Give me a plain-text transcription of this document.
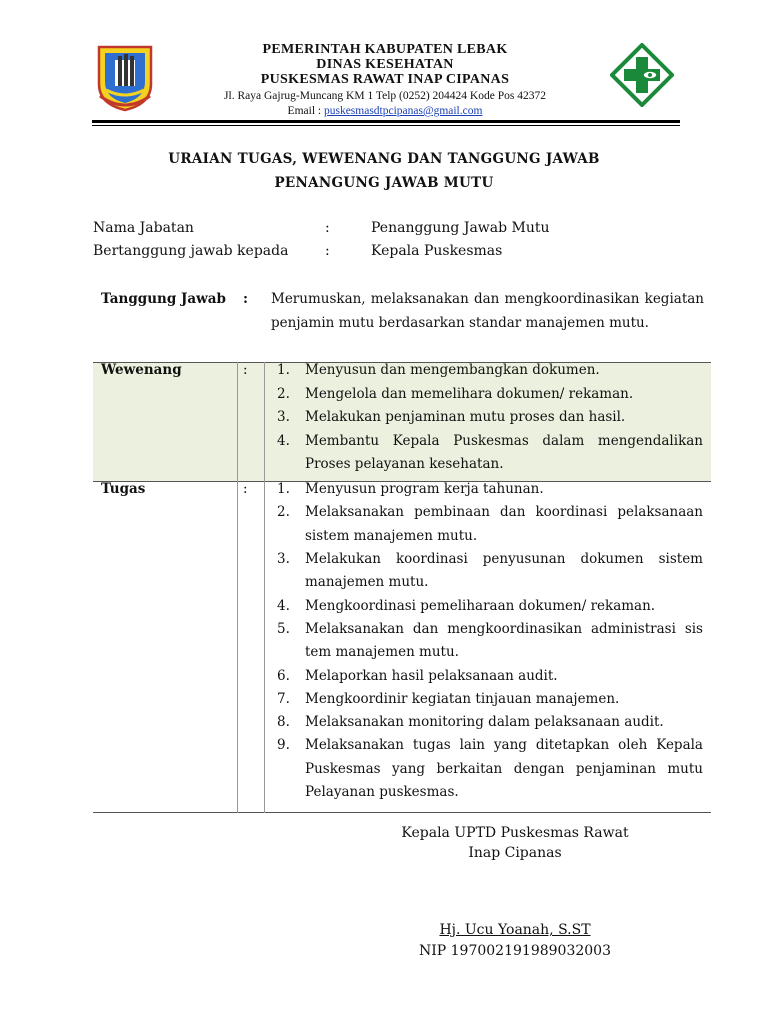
PEMERINTAH KABUPATEN LEBAK
DINAS KESEHATAN
PUSKESMAS RAWAT INAP CIPANAS
Jl. Raya Gajrug-Muncang KM 1 Telp (0252) 204424 Kode Pos 42372
Email : puskesmasdtpcipanas@gmail.com
URAIAN TUGAS, WEWENANG DAN TANGGUNG JAWAB
PENANGUNG JAWAB MUTU
Nama Jabatan	:	Penanggung Jawab Mutu
Bertanggung jawab kepada	:	Kepala Puskesmas
Tanggung Jawab : Merumuskan, melaksanakan dan mengkoordinasikan kegiatan penjamin mutu berdasarkan standar manajemen mutu.
Wewenang	: 1. Menyusun dan mengembangkan dokumen.
2. Mengelola dan memelihara dokumen/ rekaman.
3. Melakukan penjaminan mutu proses dan hasil.
4. Membantu Kepala Puskesmas dalam mengendalikan
Proses pelayanan kesehatan.
Tugas	: 1. Menyusun program kerja tahunan.
2. Melaksanakan pembinaan dan koordinasi pelaksanaan
sistem manajemen mutu.
3. Melakukan koordinasi penyusunan dokumen sistem
manajemen mutu.
4. Mengkoordinasi pemeliharaan dokumen/ rekaman.
5. Melaksanakan dan mengkoordinasikan administrasi sis
tem manajemen mutu.
6. Melaporkan hasil pelaksanaan audit.
7. Mengkoordinir kegiatan tinjauan manajemen.
8. Melaksanakan monitoring dalam pelaksanaan audit.
9. Melaksanakan tugas lain yang ditetapkan oleh Kepala
Puskesmas yang berkaitan dengan penjaminan mutu
Pelayanan puskesmas.
Kepala UPTD Puskesmas Rawat
Inap Cipanas
Hj. Ucu Yoanah, S.ST
NIP 197002191989032003
